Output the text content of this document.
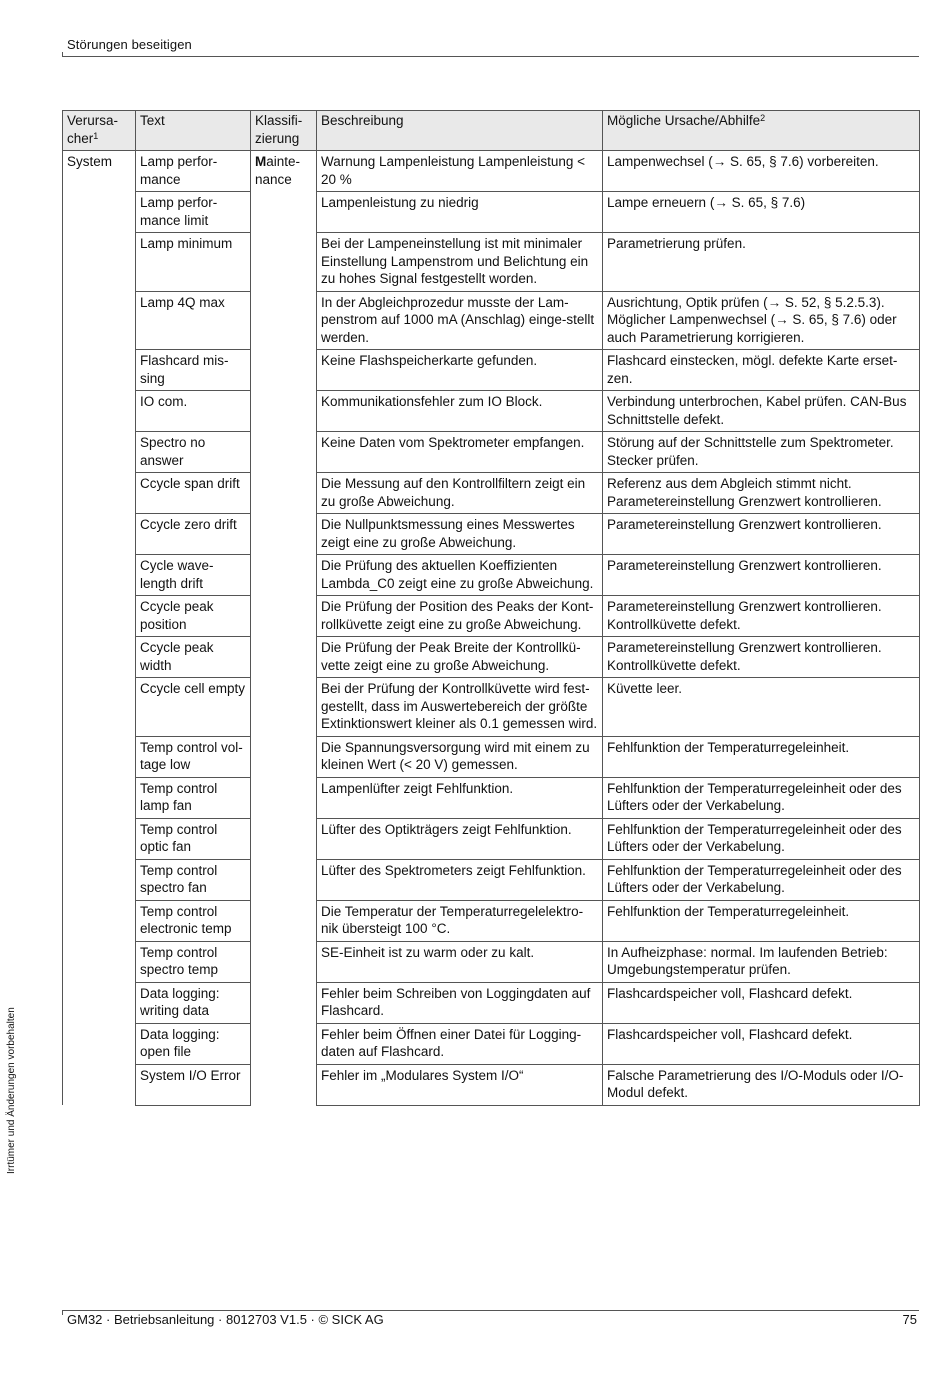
Störungen beseitigen
Irrtümer und Änderungen vorbehalten
Verursa-cher$^1$	Text	Klassifi-zierung	Beschreibung	Mögliche Ursache/Abhilfe$^2$
System	Lamp perfor-mance	Mainte-nance	Warnung Lampenleistung Lampenleistung < 20 %	Lampenwechsel (→ S. 65, § 7.6) vorbereiten.
	Lamp perfor-mance limit		Lampenleistung zu niedrig	Lampe erneuern (→ S. 65, § 7.6)
	Lamp minimum		Bei der Lampeneinstellung ist mit minimaler Einstellung Lampenstrom und Belichtung ein zu hohes Signal festgestellt worden.	Parametrierung prüfen.
	Lamp 4Q max		In der Abgleichprozedur musste der Lam-penstrom auf 1000 mA (Anschlag) einge-stellt werden.	Ausrichtung, Optik prüfen (→ S. 52, § 5.2.5.3). Möglicher Lampenwechsel (→ S. 65, § 7.6) oder auch Parametrierung korrigieren.
	Flashcard mis-sing		Keine Flashspeicherkarte gefunden.	Flashcard einstecken, mögl. defekte Karte erset-zen.
	IO com.		Kommunikationsfehler zum IO Block.	Verbindung unterbrochen, Kabel prüfen. CAN-Bus Schnittstelle defekt.
	Spectro no answer		Keine Daten vom Spektrometer empfangen.	Störung auf der Schnittstelle zum Spektrometer. Stecker prüfen.
	Ccycle span drift		Die Messung auf den Kontrollfiltern zeigt ein zu große Abweichung.	Referenz aus dem Abgleich stimmt nicht. Parametereinstellung Grenzwert kontrollieren.
	Ccycle zero drift		Die Nullpunktsmessung eines Messwertes zeigt eine zu große Abweichung.	Parametereinstellung Grenzwert kontrollieren.
	Cycle wave-length drift		Die Prüfung des aktuellen Koeffizienten Lambda_C0 zeigt eine zu große Abweichung.	Parametereinstellung Grenzwert kontrollieren.
	Ccycle peak position		Die Prüfung der Position des Peaks der Kont-rollküvette zeigt eine zu große Abweichung.	Parametereinstellung Grenzwert kontrollieren. Kontrollküvette defekt.
	Ccycle peak width		Die Prüfung der Peak Breite der Kontrollkü-vette zeigt eine zu große Abweichung.	Parametereinstellung Grenzwert kontrollieren. Kontrollküvette defekt.
	Ccycle cell empty		Bei der Prüfung der Kontrollküvette wird fest-gestellt, dass im Auswertebereich der größte Extinktionswert kleiner als 0.1 gemessen wird.	Küvette leer.
	Temp control vol-tage low		Die Spannungsversorgung wird mit einem zu kleinen Wert (< 20 V) gemessen.	Fehlfunktion der Temperaturregeleinheit.
	Temp control lamp fan		Lampenlüfter zeigt Fehlfunktion.	Fehlfunktion der Temperaturregeleinheit oder des Lüfters oder der Verkabelung.
	Temp control optic fan		Lüfter des Optikträgers zeigt Fehlfunktion.	Fehlfunktion der Temperaturregeleinheit oder des Lüfters oder der Verkabelung.
	Temp control spectro fan		Lüfter des Spektrometers zeigt Fehlfunktion.	Fehlfunktion der Temperaturregeleinheit oder des Lüfters oder der Verkabelung.
	Temp control electronic temp		Die Temperatur der Temperaturregelelektro-nik übersteigt 100 °C.	Fehlfunktion der Temperaturregeleinheit.
	Temp control spectro temp		SE-Einheit ist zu warm oder zu kalt.	In Aufheizphase: normal. Im laufenden Betrieb: Umgebungstemperatur prüfen.
	Data logging: writing data		Fehler beim Schreiben von Loggingdaten auf Flashcard.	Flashcardspeicher voll, Flashcard defekt.
	Data logging: open file		Fehler beim Öffnen einer Datei für Logging-daten auf Flashcard.	Flashcardspeicher voll, Flashcard defekt.
	System I/O Error		Fehler im „Modulares System I/O“	Falsche Parametrierung des I/O-Moduls oder I/O-Modul defekt.
GM32 · Betriebsanleitung · 8012703 V1.5 · © SICK AG	75
